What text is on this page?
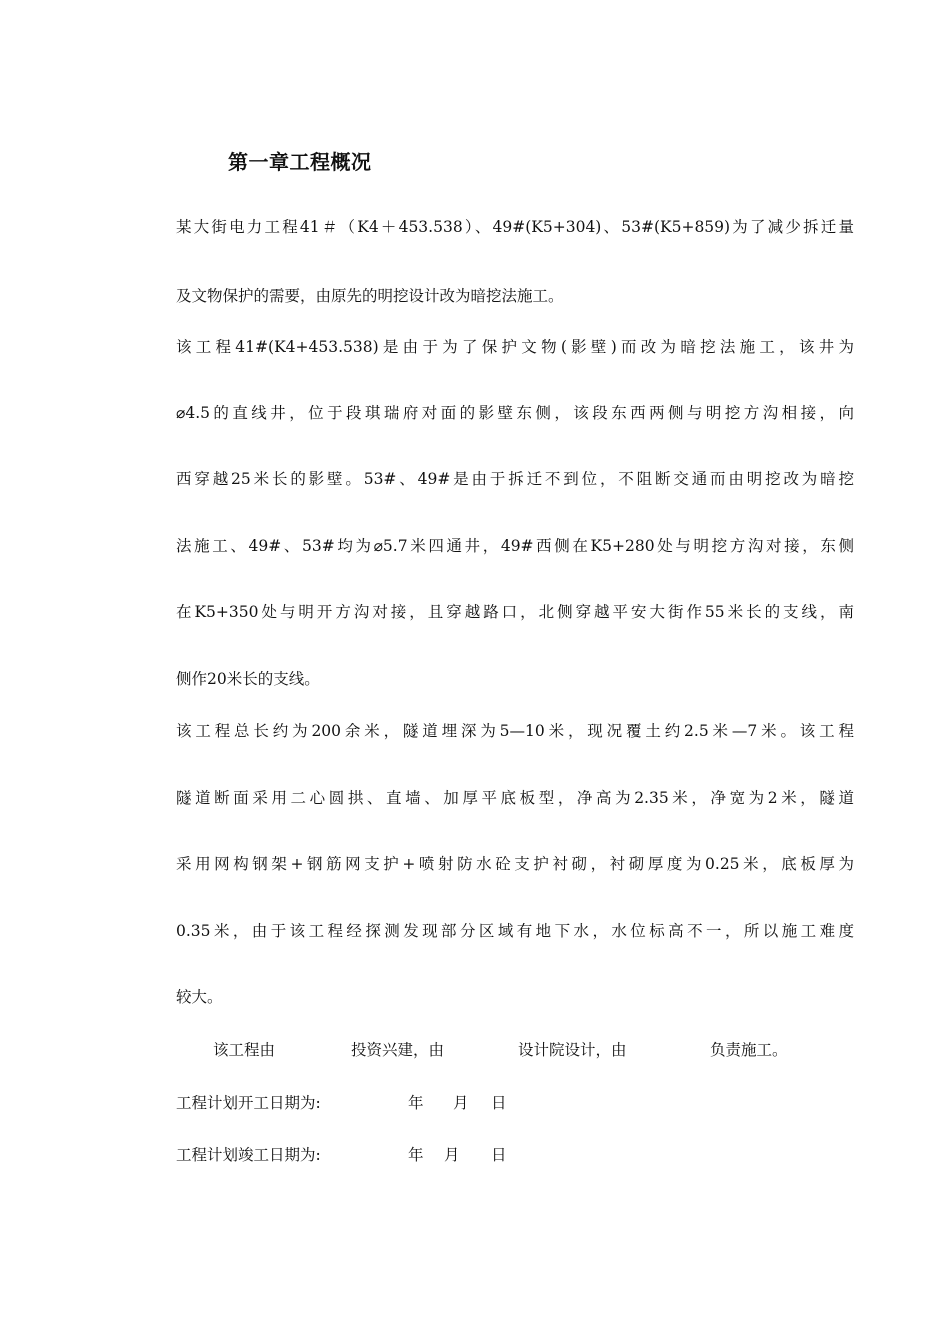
第一章工程概况
某大街电力工程41＃（K4＋453.538）、49#(K5+304)、53#(K5+859)为了减少拆迁量
及文物保护的需要，由原先的明挖设计改为暗挖法施工。
该工程41#(K4+453.538)是由于为了保护文物(影壁)而改为暗挖法施工，该井为
⌀4.5的直线井，位于段琪瑞府对面的影壁东侧，该段东西两侧与明挖方沟相接，向
西穿越25米长的影壁。53#、49#是由于拆迁不到位，不阻断交通而由明挖改为暗挖
法施工、49#、53#均为⌀5.7米四通井，49#西侧在K5+280处与明挖方沟对接，东侧
在K5+350处与明开方沟对接，且穿越路口，北侧穿越平安大街作55米长的支线，南
侧作20米长的支线。
该工程总长约为200余米，隧道埋深为5—10米，现况覆土约2.5米—7米。该工程
隧道断面采用二心圆拱、直墙、加厚平底板型，净高为2.35米，净宽为2米，隧道
采用网构钢架+钢筋网支护+喷射防水砼支护衬砌，衬砌厚度为0.25米，底板厚为
0.35米，由于该工程经探测发现部分区域有地下水，水位标高不一，所以施工难度
较大。
该工程由	投资兴建，由	设计院设计，由	负责施工。
工程计划开工日期为:	年 月 日
工程计划竣工日期为:	年 月 日
